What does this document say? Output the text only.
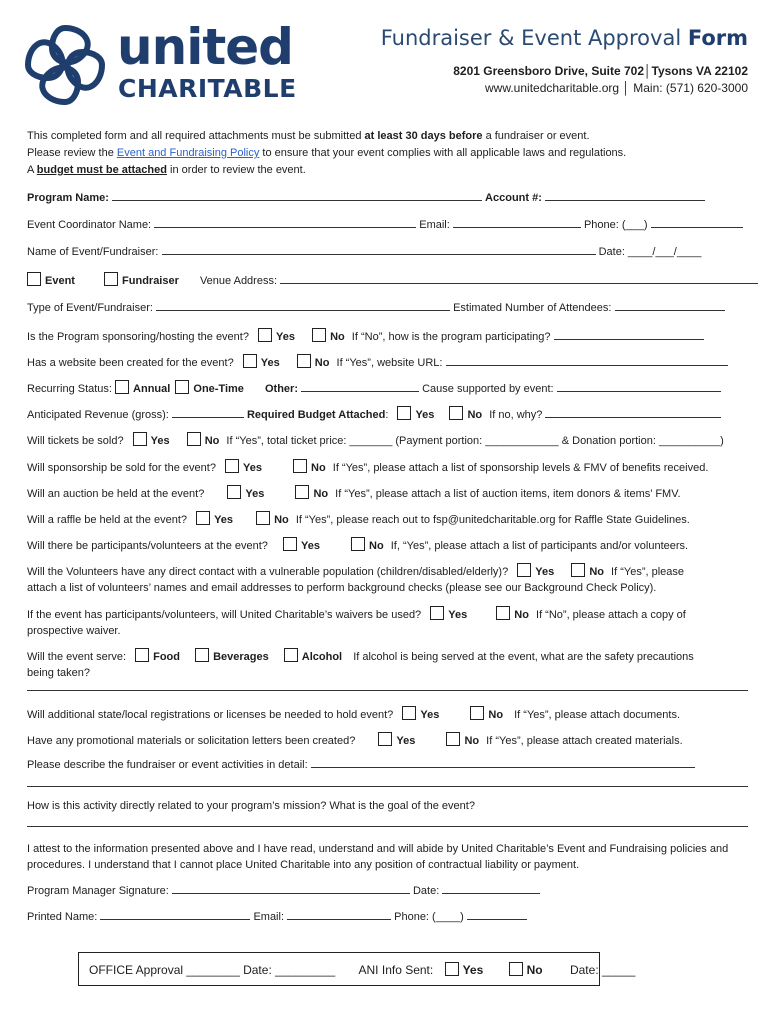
united
CHARITABLE
Fundraiser & Event Approval Form
8201 Greensboro Drive, Suite 702│Tysons VA 22102
www.unitedcharitable.org │ Main: (571) 620-3000
This completed form and all required attachments must be submitted at least 30 days before a fundraiser or event.
Please review the Event and Fundraising Policy to ensure that your event complies with all applicable laws and regulations.
A budget must be attached in order to review the event.
Program Name:	Account #:
Event Coordinator Name:	Email:	Phone: (___)
Name of Event/Fundraiser:	Date: ____/___/____
Event	Fundraiser Venue Address:
Type of Event/Fundraiser:	Estimated Number of Attendees:
Is the Program sponsoring/hosting the event? Yes	No If “No”, how is the program participating?
Has a website been created for the event? Yes	No If “Yes”, website URL:
Recurring Status: Annual One-Time Other:	Cause supported by event:
Anticipated Revenue (gross):	Required Budget Attached: Yes	No If no, why?
Will tickets be sold? Yes	No If “Yes”, total ticket price: _______ (Payment portion: ____________ & Donation portion: __________)
Will sponsorship be sold for the event? Yes	No If “Yes”, please attach a list of sponsorship levels & FMV of benefits received.
Will an auction be held at the event?	Yes	No If “Yes”, please attach a list of auction items, item donors & items’ FMV.
Will a raffle be held at the event? Yes	No If “Yes”, please reach out to fsp@unitedcharitable.org for Raffle State Guidelines.
Will there be participants/volunteers at the event?	Yes	No If, “Yes”, please attach a list of participants and/or volunteers.
Will the Volunteers have any direct contact with a vulnerable population (children/disabled/elderly)? Yes	No If “Yes”, please
attach a list of volunteers’ names and email addresses to perform background checks (please see our Background Check Policy).
If the event has participants/volunteers, will United Charitable’s waivers be used? Yes	No If “No”, please attach a copy of
prospective waiver.
Will the event serve: Food	Beverages	Alcohol If alcohol is being served at the event, what are the safety precautions
being taken?
Will additional state/local registrations or licenses be needed to hold event? Yes	No If “Yes”, please attach documents.
Have any promotional materials or solicitation letters been created?	Yes	No If “Yes”, please attach created materials.
Please describe the fundraiser or event activities in detail:
How is this activity directly related to your program’s mission? What is the goal of the event?
I attest to the information presented above and I have read, understand and will abide by United Charitable’s Event and Fundraising policies and procedures. I understand that I cannot place United Charitable into any position of contractual liability or payment.
Program Manager Signature:	Date:
Printed Name:	Email:	Phone: (____)
OFFICE Approval ________ Date: _________ ANI Info Sent: Yes	No Date: _____
